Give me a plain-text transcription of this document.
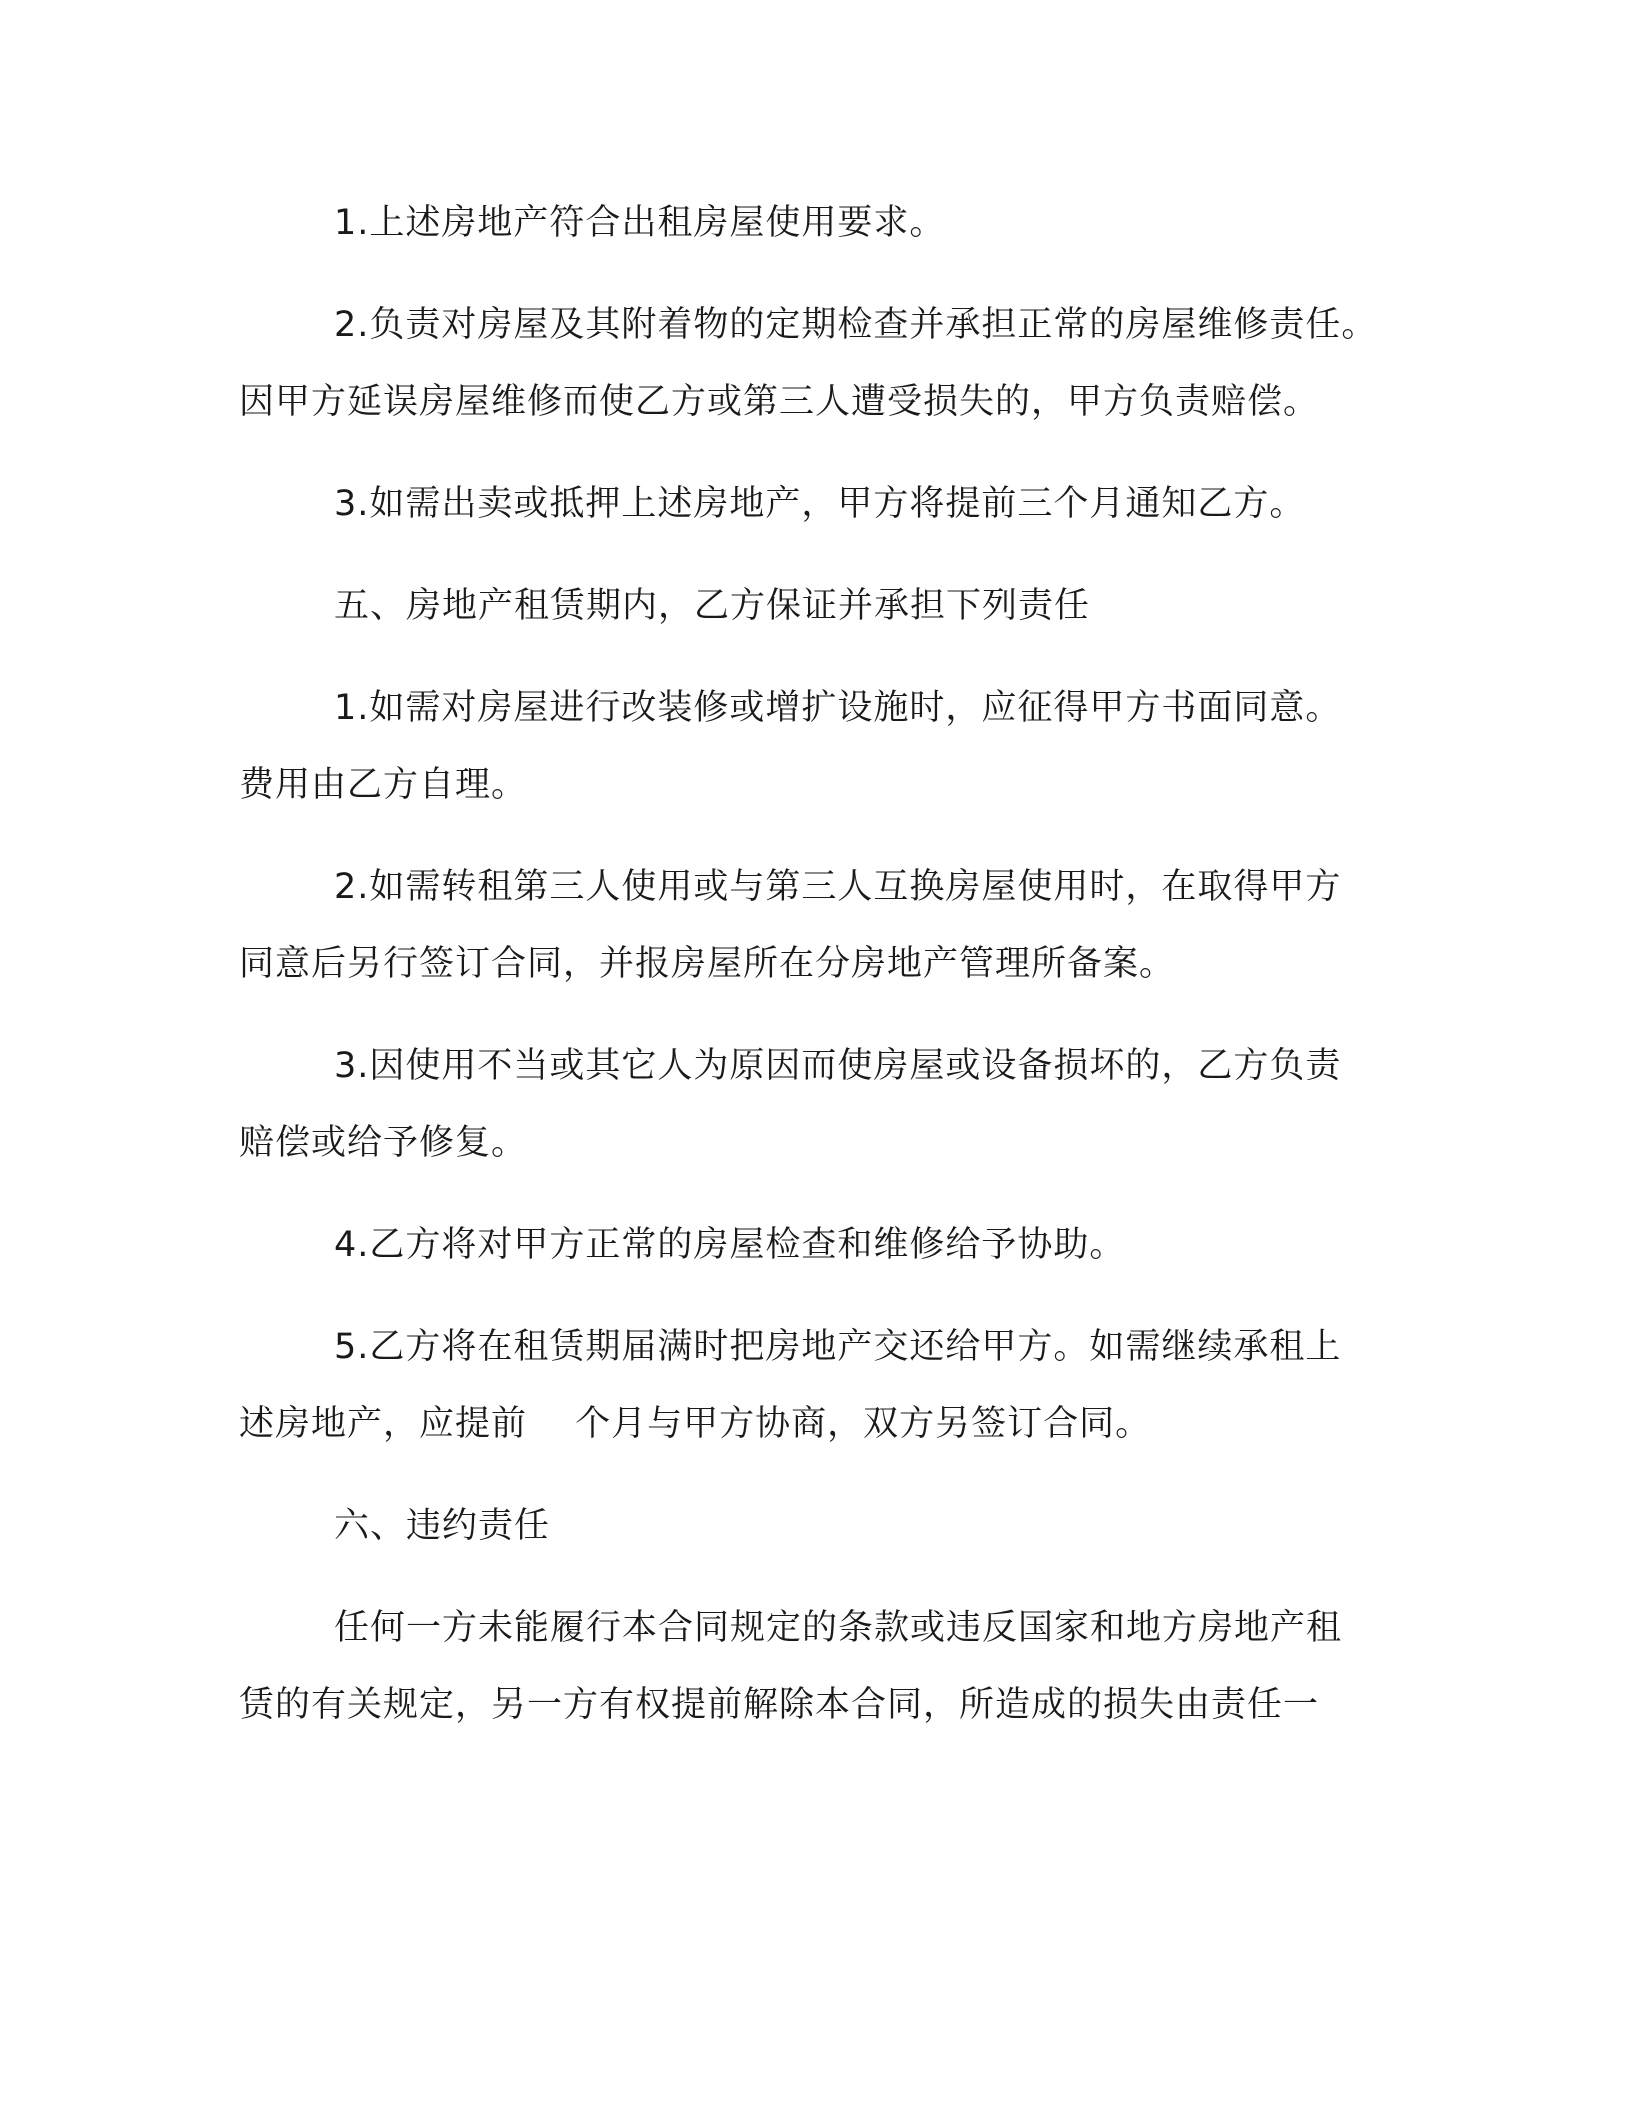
1.上述房地产符合出租房屋使用要求。

2.负责对房屋及其附着物的定期检查并承担正常的房屋维修责任。
因甲方延误房屋维修而使乙方或第三人遭受损失的，甲方负责赔偿。

3.如需出卖或抵押上述房地产，甲方将提前三个月通知乙方。

五、房地产租赁期内，乙方保证并承担下列责任

1.如需对房屋进行改装修或增扩设施时，应征得甲方书面同意。
费用由乙方自理。

2.如需转租第三人使用或与第三人互换房屋使用时，在取得甲方
同意后另行签订合同，并报房屋所在分房地产管理所备案。

3.因使用不当或其它人为原因而使房屋或设备损坏的，乙方负责
赔偿或给予修复。

4.乙方将对甲方正常的房屋检查和维修给予协助。

5.乙方将在租赁期届满时把房地产交还给甲方。如需继续承租上
述房地产，应提前　 个月与甲方协商，双方另签订合同。

六、违约责任

任何一方未能履行本合同规定的条款或违反国家和地方房地产租
赁的有关规定，另一方有权提前解除本合同，所造成的损失由责任一
